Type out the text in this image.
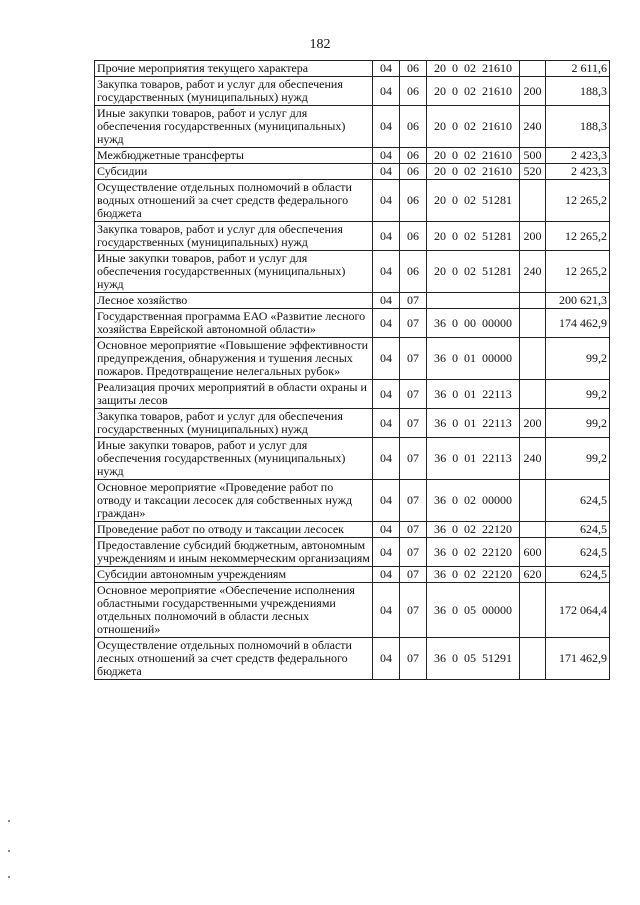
182
Прочие мероприятия текущего характера	04	06	20  0  02  21610		2 611,6
Закупка товаров, работ и услуг для обеспечения государственных (муниципальных) нужд	04	06	20  0  02  21610	200	188,3
Иные закупки товаров, работ и услуг для обеспечения государственных (муниципальных) нужд	04	06	20  0  02  21610	240	188,3
Межбюджетные трансферты	04	06	20  0  02  21610	500	2 423,3
Субсидии	04	06	20  0  02  21610	520	2 423,3
Осуществление отдельных полномочий в области водных отношений за счет средств федерального бюджета	04	06	20  0  02  51281		12 265,2
Закупка товаров, работ и услуг для обеспечения государственных (муниципальных) нужд	04	06	20  0  02  51281	200	12 265,2
Иные закупки товаров, работ и услуг для обеспечения государственных (муниципальных) нужд	04	06	20  0  02  51281	240	12 265,2
Лесное хозяйство	04	07			200 621,3
Государственная программа ЕАО «Развитие лесного хозяйства Еврейской автономной области»	04	07	36  0  00  00000		174 462,9
Основное мероприятие «Повышение эффективности предупреждения, обнаружения и тушения лесных пожаров. Предотвращение нелегальных рубок»	04	07	36  0  01  00000		99,2
Реализация прочих мероприятий в области охраны и защиты лесов	04	07	36  0  01  22113		99,2
Закупка товаров, работ и услуг для обеспечения государственных (муниципальных) нужд	04	07	36  0  01  22113	200	99,2
Иные закупки товаров, работ и услуг для обеспечения государственных (муниципальных) нужд	04	07	36  0  01  22113	240	99,2
Основное мероприятие «Проведение работ по отводу и таксации лесосек для собственных нужд граждан»	04	07	36  0  02  00000		624,5
Проведение работ по отводу и таксации лесосек	04	07	36  0  02  22120		624,5
Предоставление субсидий бюджетным, автономным учреждениям и иным некоммерческим организациям	04	07	36  0  02  22120	600	624,5
Субсидии автономным учреждениям	04	07	36  0  02  22120	620	624,5
Основное мероприятие «Обеспечение исполнения областными государственными учреждениями отдельных полномочий в области лесных отношений»	04	07	36  0  05  00000		172 064,4
Осуществление отдельных полномочий в области лесных отношений за счет средств федерального бюджета	04	07	36  0  05  51291		171 462,9
